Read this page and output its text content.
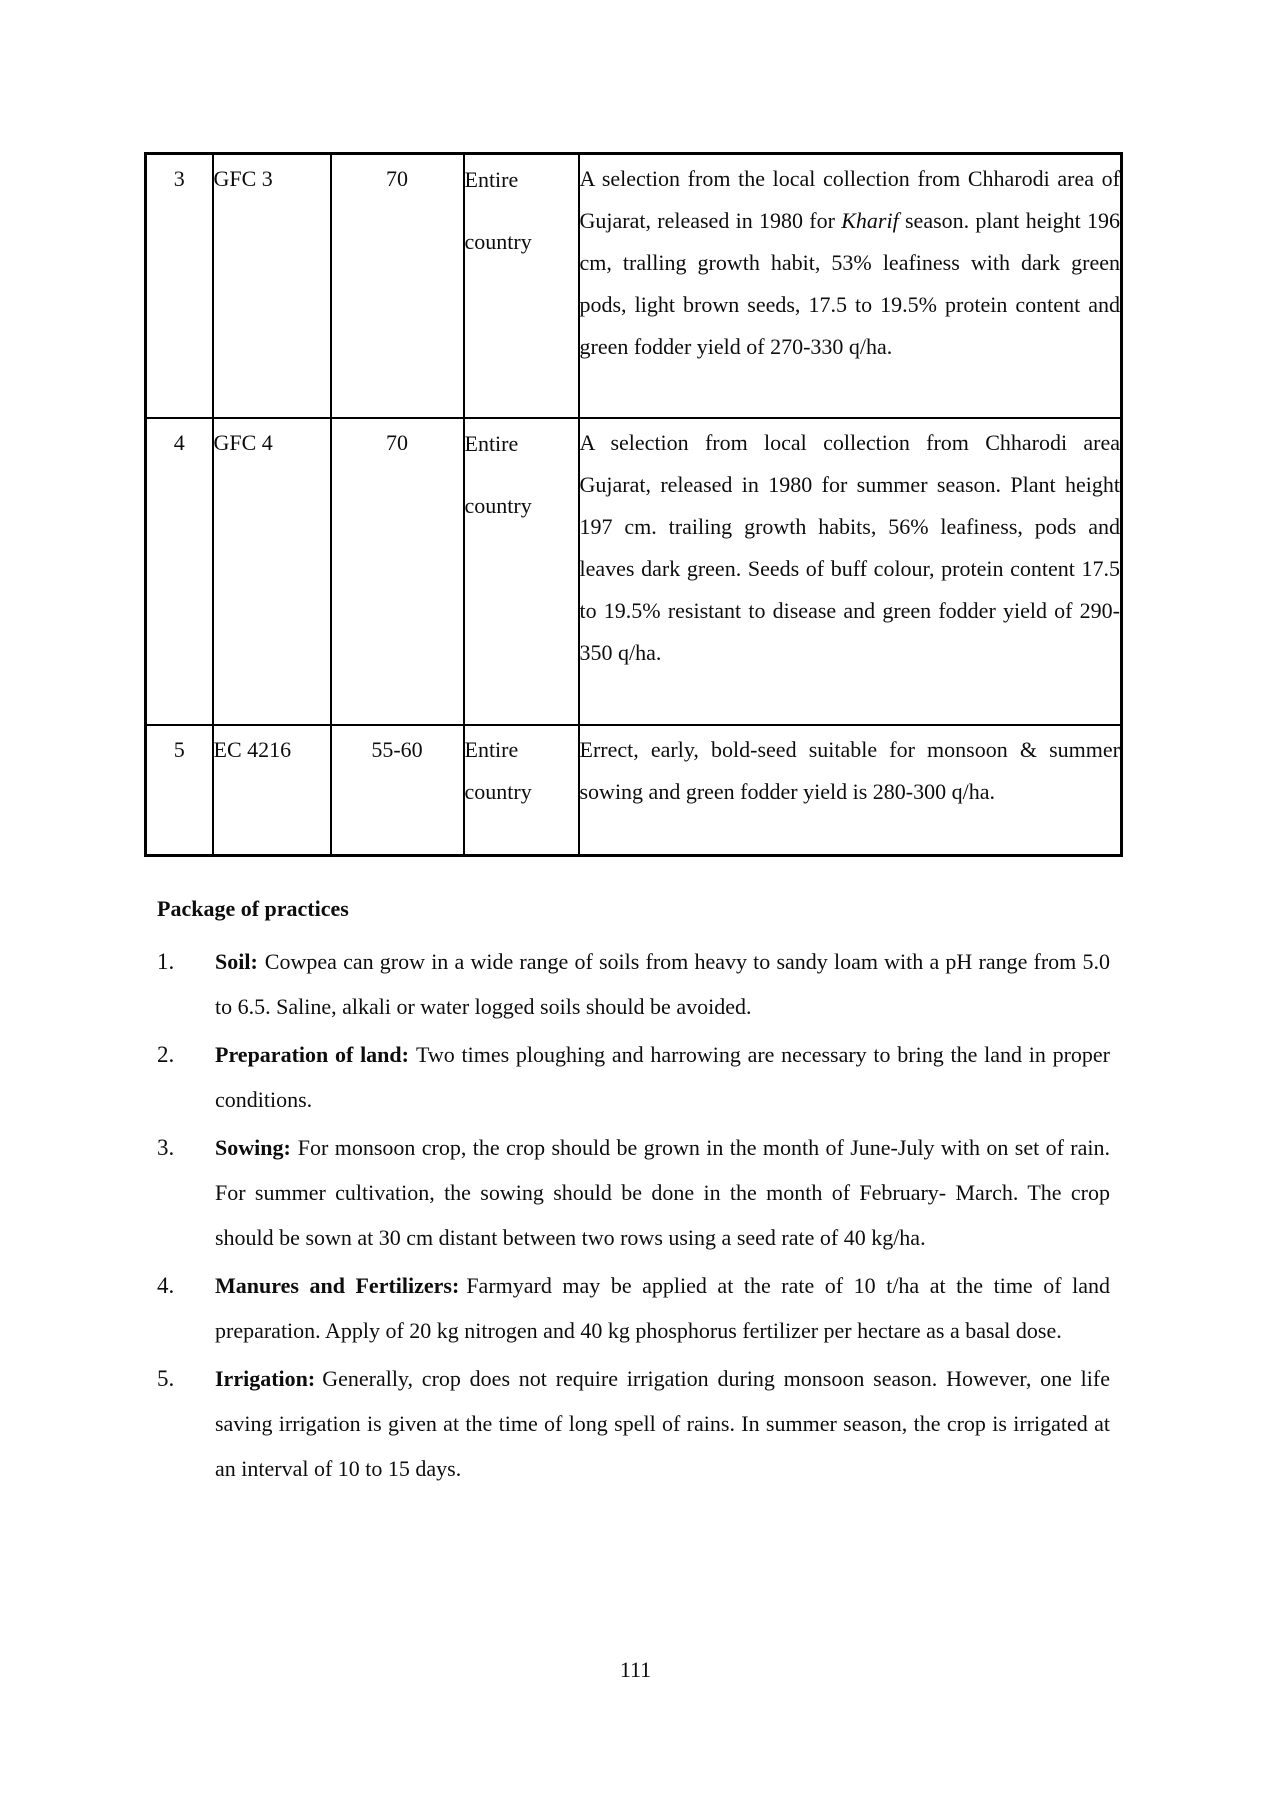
3	GFC 3	70	Entire country	A selection from the local collection from Chharodi area of Gujarat, released in 1980 for Kharif season. plant height 196 cm, tralling growth habit, 53% leafiness with dark green pods, light brown seeds, 17.5 to 19.5% protein content and green fodder yield of 270-330 q/ha.
4	GFC 4	70	Entire country	A selection from local collection from Chharodi area Gujarat, released in 1980 for summer season. Plant height 197 cm. trailing growth habits, 56% leafiness, pods and leaves dark green. Seeds of buff colour, protein content 17.5 to 19.5% resistant to disease and green fodder yield of 290-350 q/ha.
5	EC 4216	55-60	Entire country	Errect, early, bold-seed suitable for monsoon & summer sowing and green fodder yield is 280-300 q/ha.
Package of practices
1.	Soil: Cowpea can grow in a wide range of soils from heavy to sandy loam with a pH range from 5.0 to 6.5. Saline, alkali or water logged soils should be avoided.
2.	Preparation of land: Two times ploughing and harrowing are necessary to bring the land in proper conditions.
3.	Sowing: For monsoon crop, the crop should be grown in the month of June-July with on set of rain. For summer cultivation, the sowing should be done in the month of February- March. The crop should be sown at 30 cm distant between two rows using a seed rate of 40 kg/ha.
4.	Manures and Fertilizers: Farmyard may be applied at the rate of 10 t/ha at the time of land preparation. Apply of 20 kg nitrogen and 40 kg phosphorus fertilizer per hectare as a basal dose.
5.	Irrigation: Generally, crop does not require irrigation during monsoon season. However, one life saving irrigation is given at the time of long spell of rains. In summer season, the crop is irrigated at an interval of 10 to 15 days.
111
